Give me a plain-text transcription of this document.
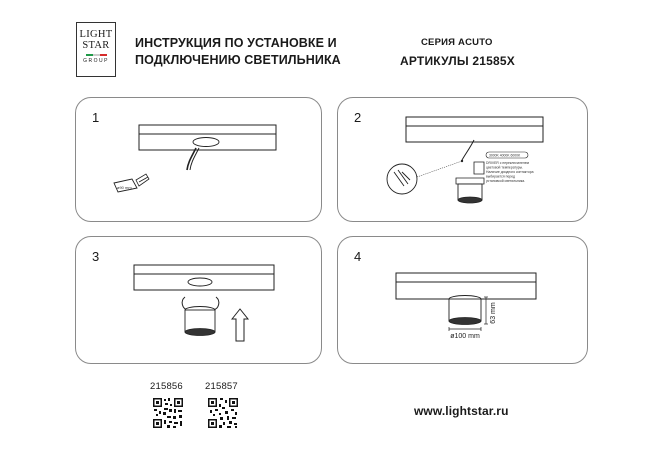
LIGHT
STAR
GROUP
ИНСТРУКЦИЯ ПО УСТАНОВКЕ И
ПОДКЛЮЧЕНИЮ СВЕТИЛЬНИКА
СЕРИЯ ACUTO
АРТИКУЛЫ 21585X
1
ø90 mm
2
3000K 4000K 6000K
DRIVER с переключателем цветовой температуры. Наличие диодного контактора выбирается перед установкой светильника.
3	4
63 mm
ø100 mm
215856 215857
www.lightstar.ru
